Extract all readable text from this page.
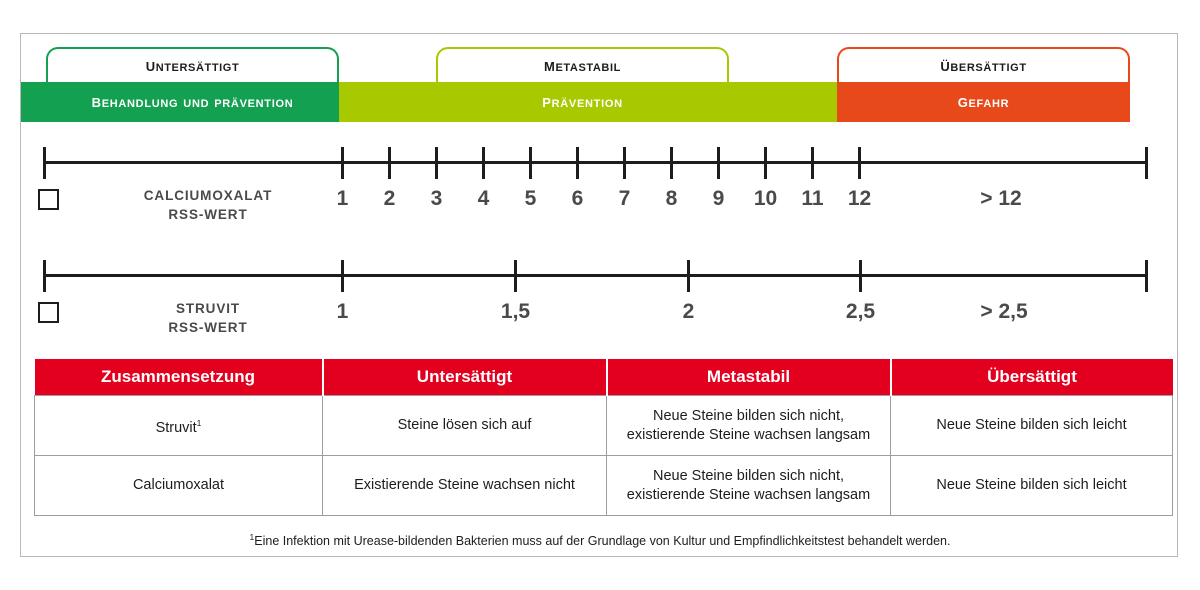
untersättigt
behandlung und prävention
metastabil
prävention
übersättigt
gefahr
1 2 3 4 5 6 7 8 9 10 11 12	> 12
CALCIUMOXALAT
RSS-WERT
1	1,5	2	2,5	> 2,5
STRUVIT
RSS-WERT
Zusammensetzung	Untersättigt	Metastabil	Übersättigt
Struvit$^1$	Steine lösen sich auf	Neue Steine bilden sich nicht, existierende Steine wachsen langsam	Neue Steine bilden sich leicht
Calciumoxalat	Existierende Steine wachsen nicht	Neue Steine bilden sich nicht, existierende Steine wachsen langsam	Neue Steine bilden sich leicht
$^1$Eine Infektion mit Urease-bildenden Bakterien muss auf der Grundlage von Kultur und Empfindlichkeitstest behandelt werden.
